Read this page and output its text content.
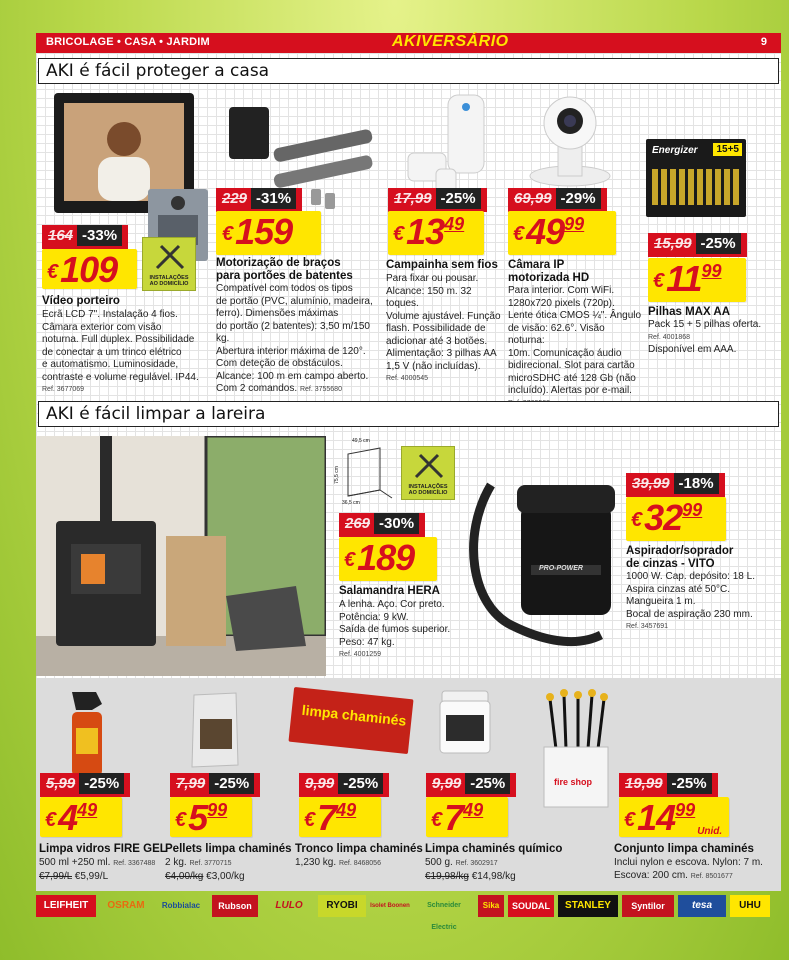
BRICOLAGE • CASA • JARDIM	AKIVERSÁRIO	9
AKI é fácil proteger a casa
164 -33%
INSTALAÇÕES
AO DOMICÍLIO
€109
Vídeo porteiro
Ecrã LCD 7". Instalação 4 fios.
Câmara exterior com visão
noturna. Full duplex. Possibilidade
de conectar a um trinco elétrico
e automatismo. Luminosidade,
contraste e volume regulável. IP44.
Ref. 3677069
229 -31%
€159
Motorização de braços
para portões de batentes
Compatível com todos os tipos
de portão (PVC, alumínio, madeira,
ferro). Dimensões máximas
do portão (2 batentes): 3,50 m/150 kg.
Abertura interior máxima de 120°.
Com deteção de obstáculos.
Alcance: 100 m em campo aberto.
Com 2 comandos. Ref. 3755680
17,99 -25%
€1349
Campainha sem fios
Para fixar ou pousar.
Alcance: 150 m. 32 toques.
Volume ajustável. Função
flash. Possibilidade de
adicionar até 3 botões.
Alimentação: 3 pilhas AA
1,5 V (não incluídas).
Ref. 4000545
69,99 -29%
€4999
Câmara IP
motorizada HD
Para interior. Com WiFi.
1280x720 pixels (720p).
Lente ótica CMOS ¼". Ângulo
de visão: 62.6°. Visão noturna:
10m. Comunicação áudio
bidirecional. Slot para cartão
microSDHC até 128 Gb (não
incluído). Alertas por e-mail.
Energizer	15+5
15,99 -25%
€1199
Pilhas MAX AA
Pack 15 + 5 pilhas oferta.
Ref. 4001868
Disponível em AAA.
AKI é fácil limpar a lareira
49,5 cm
75,5 cm
36,5 cm
INSTALAÇÕES
AO DOMICÍLIO
269 -30%
€189
Salamandra HERA
A lenha. Aço. Cor preto.
Potência: 9 kW.
Saída de fumos superior.
Peso: 47 kg.
Ref. 4001259
PRO-POWER
39,99 -18%
€3299
Aspirador/soprador
de cinzas - VITO
1000 W. Cap. depósito: 18 L.
Aspira cinzas até 50°C.
Mangueira 1 m.
Bocal de aspiração 230 mm.
Ref. 3457691
5,99 -25%
€449
Limpa vidros FIRE GEL
500 ml +250 ml. Ref. 3367488
€7,99/L €5,99/L
7,99 -25%
€599
Pellets limpa chaminés
2 kg. Ref. 3770715
€4,00/kg €3,00/kg
limpa chaminés
9,99 -25%
€749
Tronco limpa chaminés
1,230 kg. Ref. 8468056
9,99 -25%
€749
Limpa chaminés químico
500 g. Ref. 3602917
€19,98/kg €14,98/kg
fire shop	19,99 -25%
$€1499_{Unid.}$
Conjunto limpa chaminés
Inclui nylon e escova. Nylon: 7 m.
Escova: 200 cm. Ref. 8501677
LEIFHEIT	OSRAM	Robbialac	Rubson	LULO	RYOBI	Isolet Boonen	Schneider Electric
Sika	SOUDAL	STANLEY	Syntilor	tesa	UHU
